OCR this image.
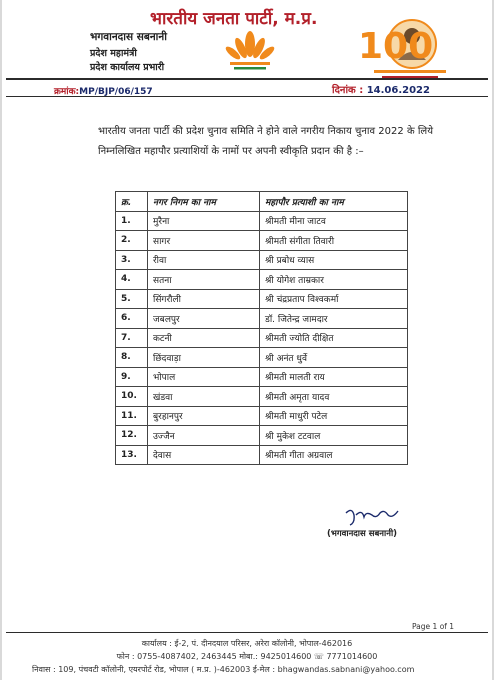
भारतीय जनता पार्टी, म.प्र.
भगवानदास सबनानी
प्रदेश महामंत्री
प्रदेश कार्यालय प्रभारी
100
क्रमांक:MP/BJP/06/157	दिनांक : 14.06.2022
भारतीय जनता पार्टी की प्रदेश चुनाव समिति ने होने वाले नगरीय निकाय चुनाव 2022 के लिये निम्नलिखित महापौर प्रत्याशियों के नामों पर अपनी स्वीकृति प्रदान की है :–
क्र.	नगर निगम का नाम	महापौर प्रत्याशी का नाम
1.	मुरैना	श्रीमती मीना जाटव
2.	सागर	श्रीमती संगीता तिवारी
3.	रीवा	श्री प्रबोध व्यास
4.	सतना	श्री योगेश ताम्रकार
5.	सिंगरौली	श्री चंद्रप्रताप विश्वकर्मा
6.	जबलपुर	डॉ. जितेन्द्र जामदार
7.	कटनी	श्रीमती ज्योति दीक्षित
8.	छिंदवाड़ा	श्री अनंत धुर्वे
9.	भोपाल	श्रीमती मालती राय
10.	खंडवा	श्रीमती अमृता यादव
11.	बुरहानपुर	श्रीमती माधुरी पटेल
12.	उज्जैन	श्री मुकेश टटवाल
13.	देवास	श्रीमती गीता अग्रवाल
(भगवानदास सबनानी)
Page 1 of 1
कार्यालय : ई-2, पं. दीनदयाल परिसर, अरेरा कॉलोनी, भोपाल-462016
फोन : 0755-4087402, 2463445 मोबा.: 9425014600 ☏ 7771014600
निवास : 109, पंचवटी कॉलोनी, एयरपोर्ट रोड, भोपाल ( म.प्र. )-462003 ई-मेल : bhagwandas.sabnani@yahoo.com
